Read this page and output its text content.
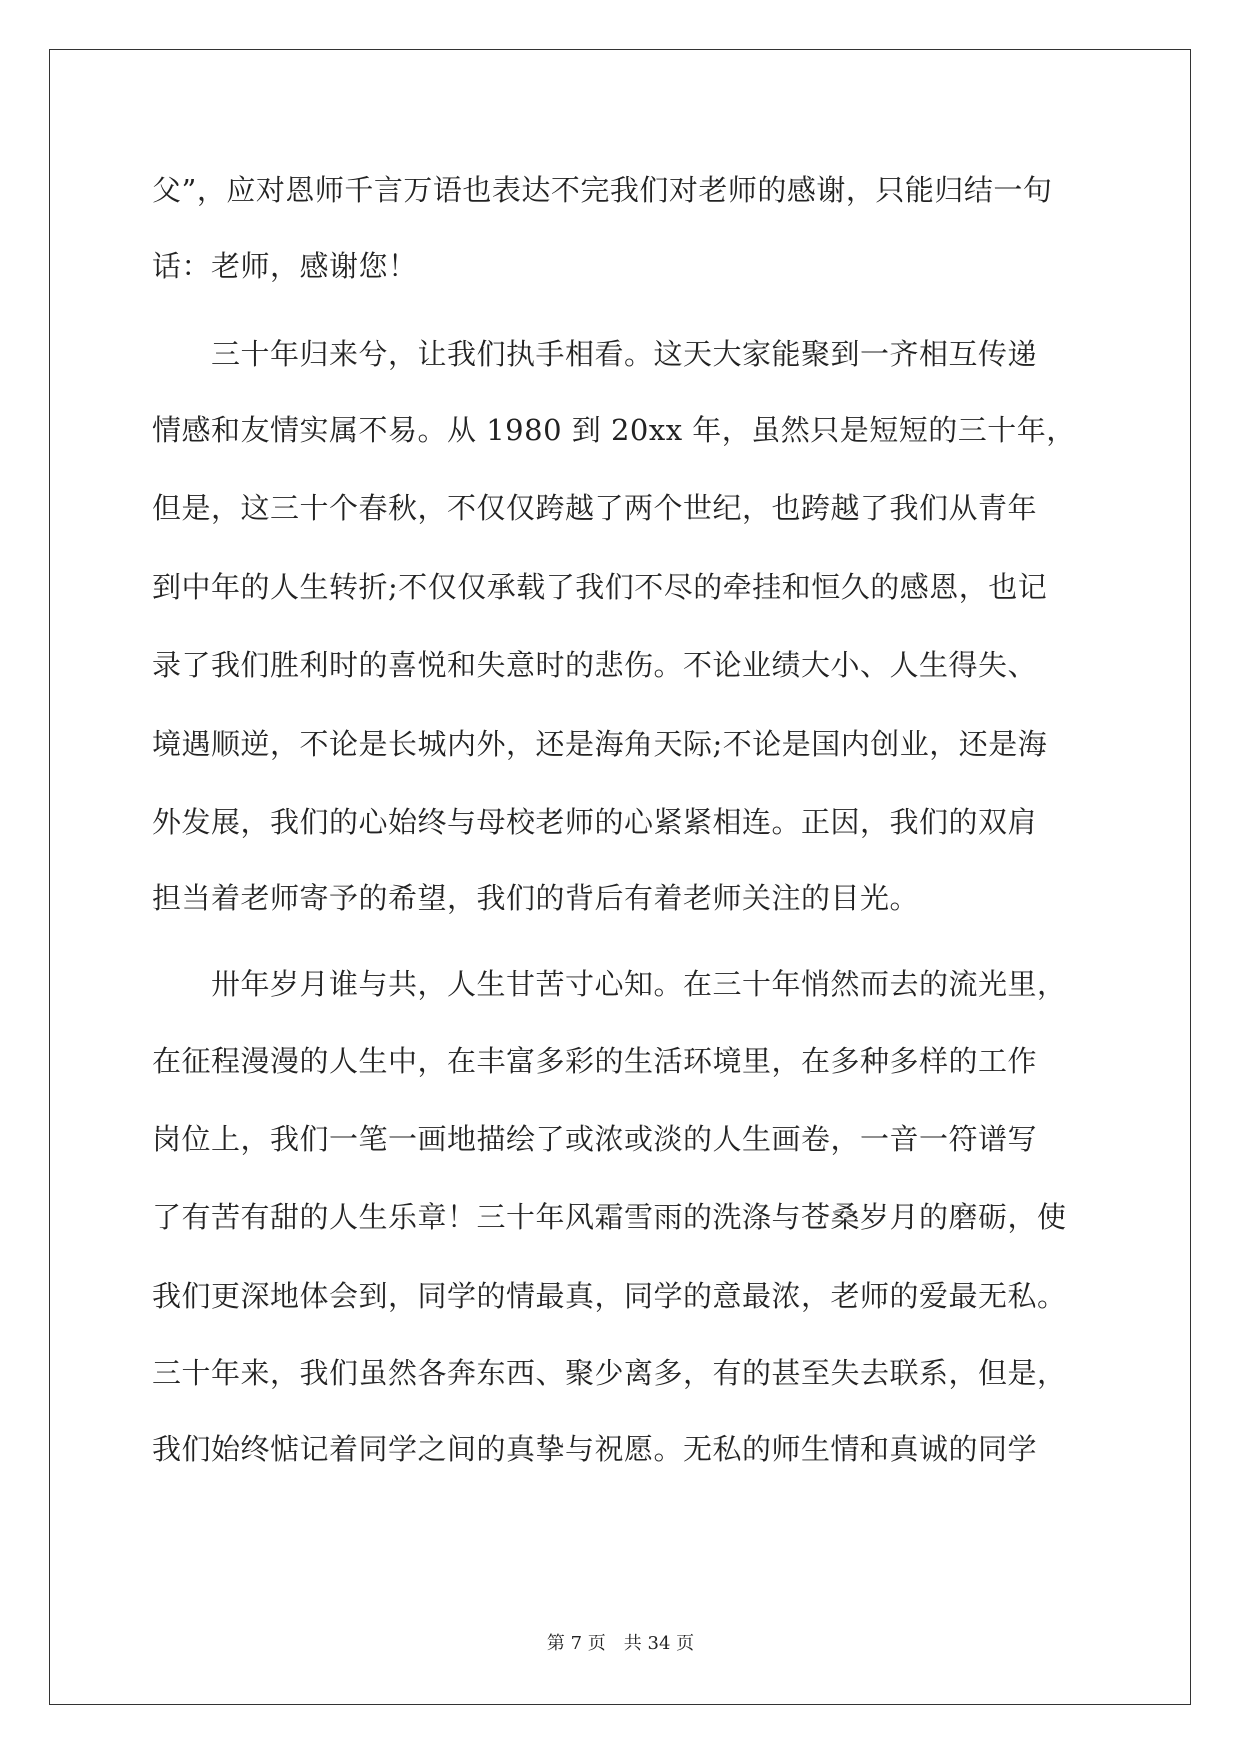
父”，应对恩师千言万语也表达不完我们对老师的感谢，只能归结一句

话：老师，感谢您！

　　三十年归来兮，让我们执手相看。这天大家能聚到一齐相互传递

情感和友情实属不易。从 1980 到 20xx 年，虽然只是短短的三十年，

但是，这三十个春秋，不仅仅跨越了两个世纪，也跨越了我们从青年

到中年的人生转折;不仅仅承载了我们不尽的牵挂和恒久的感恩，也记

录了我们胜利时的喜悦和失意时的悲伤。不论业绩大小、人生得失、

境遇顺逆，不论是长城内外，还是海角天际;不论是国内创业，还是海

外发展，我们的心始终与母校老师的心紧紧相连。正因，我们的双肩

担当着老师寄予的希望，我们的背后有着老师关注的目光。

　　卅年岁月谁与共，人生甘苦寸心知。在三十年悄然而去的流光里，

在征程漫漫的人生中，在丰富多彩的生活环境里，在多种多样的工作

岗位上，我们一笔一画地描绘了或浓或淡的人生画卷，一音一符谱写

了有苦有甜的人生乐章！三十年风霜雪雨的洗涤与苍桑岁月的磨砺，使

我们更深地体会到，同学的情最真，同学的意最浓，老师的爱最无私。

三十年来，我们虽然各奔东西、聚少离多，有的甚至失去联系，但是，

我们始终惦记着同学之间的真挚与祝愿。无私的师生情和真诚的同学

第 7 页　共 34 页
